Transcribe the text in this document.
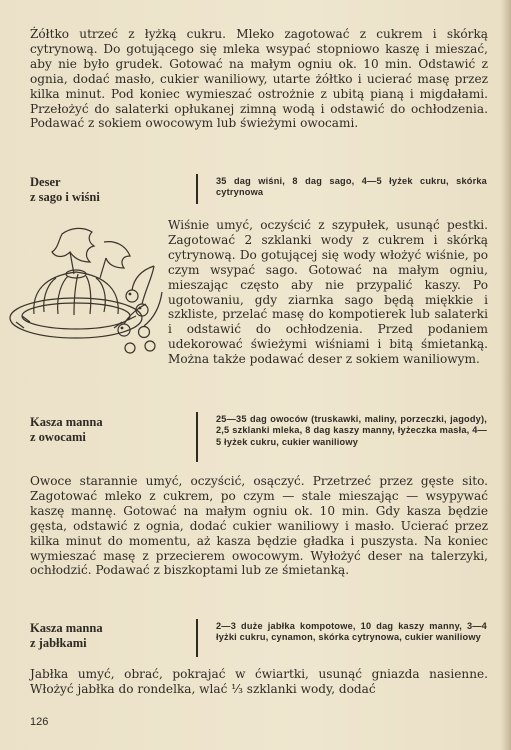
Żółtko utrzeć z łyżką cukru. Mleko zagotować z cukrem i skórką cytrynową. Do gotującego się mleka wsypać stopniowo kaszę i mieszać, aby nie było grudek. Gotować na małym ogniu ok. 10 min. Odstawić z ognia, dodać masło, cukier waniliowy, utarte żółtko i ucierać masę przez kilka minut. Pod koniec wymieszać ostrożnie z ubitą pianą i migdałami. Przełożyć do salaterki opłukanej zimną wodą i odstawić do ochłodzenia. Podawać z sokiem owocowym lub świeżymi owocami.

Deser
z sago i wiśni

35 dag wiśni, 8 dag sago, 4—5 łyżek cukru, skórka cytrynowa

Wiśnie umyć, oczyścić z szypułek, usunąć pestki. Zagotować 2 szklanki wody z cukrem i skórką cytrynową. Do gotującej się wody włożyć wiśnie, po czym wsypać sago. Gotować na małym ogniu, mieszając często aby nie przypalić kaszy. Po ugotowaniu, gdy ziarnka sago będą miękkie i szkliste, przelać masę do kompotierek lub salaterki i odstawić do ochłodzenia. Przed podaniem udekorować świeżymi wiśniami i bitą śmietanką. Można także podawać deser z sokiem waniliowym.

Kasza manna
z owocami

25—35 dag owoców (truskawki, maliny, porzeczki, jagody), 2,5 szklanki mleka, 8 dag kaszy manny, łyżeczka masła, 4—5 łyżek cukru, cukier waniliowy

Owoce starannie umyć, oczyścić, osączyć. Przetrzeć przez gęste sito. Zagotować mleko z cukrem, po czym — stale mieszając — wsypywać kaszę mannę. Gotować na małym ogniu ok. 10 min. Gdy kasza będzie gęsta, odstawić z ognia, dodać cukier waniliowy i masło. Ucierać przez kilka minut do momentu, aż kasza będzie gładka i puszysta. Na koniec wymieszać masę z przecierem owocowym. Wyłożyć deser na talerzyki, ochłodzić. Podawać z biszkoptami lub ze śmietanką.

Kasza manna
z jabłkami

2—3 duże jabłka kompotowe, 10 dag kaszy manny, 3—4 łyżki cukru, cynamon, skórka cytrynowa, cukier waniliowy

Jabłka umyć, obrać, pokrajać w ćwiartki, usunąć gniazda nasienne. Włożyć jabłka do rondelka, wlać ⅓ szklanki wody, dodać

126
